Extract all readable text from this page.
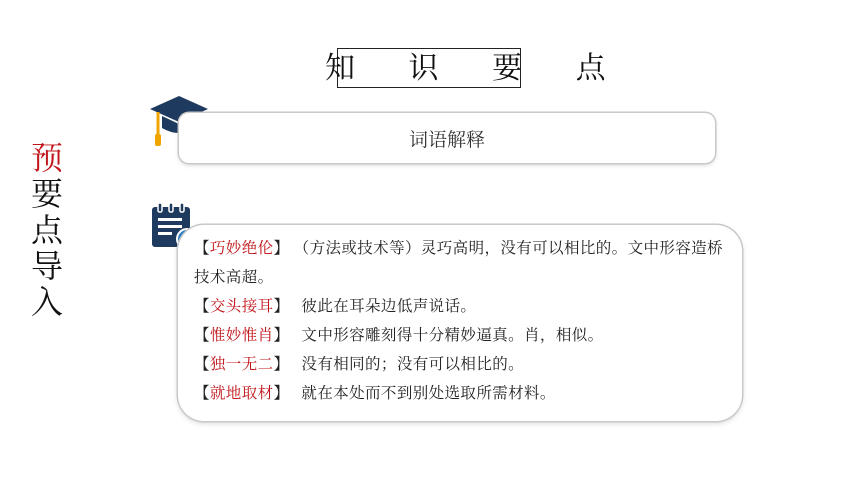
预
要
点
导
入
知 识 要 点
词语解释
【巧妙绝伦】 （方法或技术等）灵巧高明，没有可以相比的。文中形容造桥技术高超。
【交头接耳】 彼此在耳朵边低声说话。
【惟妙惟肖】 文中形容雕刻得十分精妙逼真。肖，相似。
【独一无二】 没有相同的；没有可以相比的。
【就地取材】 就在本处而不到别处选取所需材料。
